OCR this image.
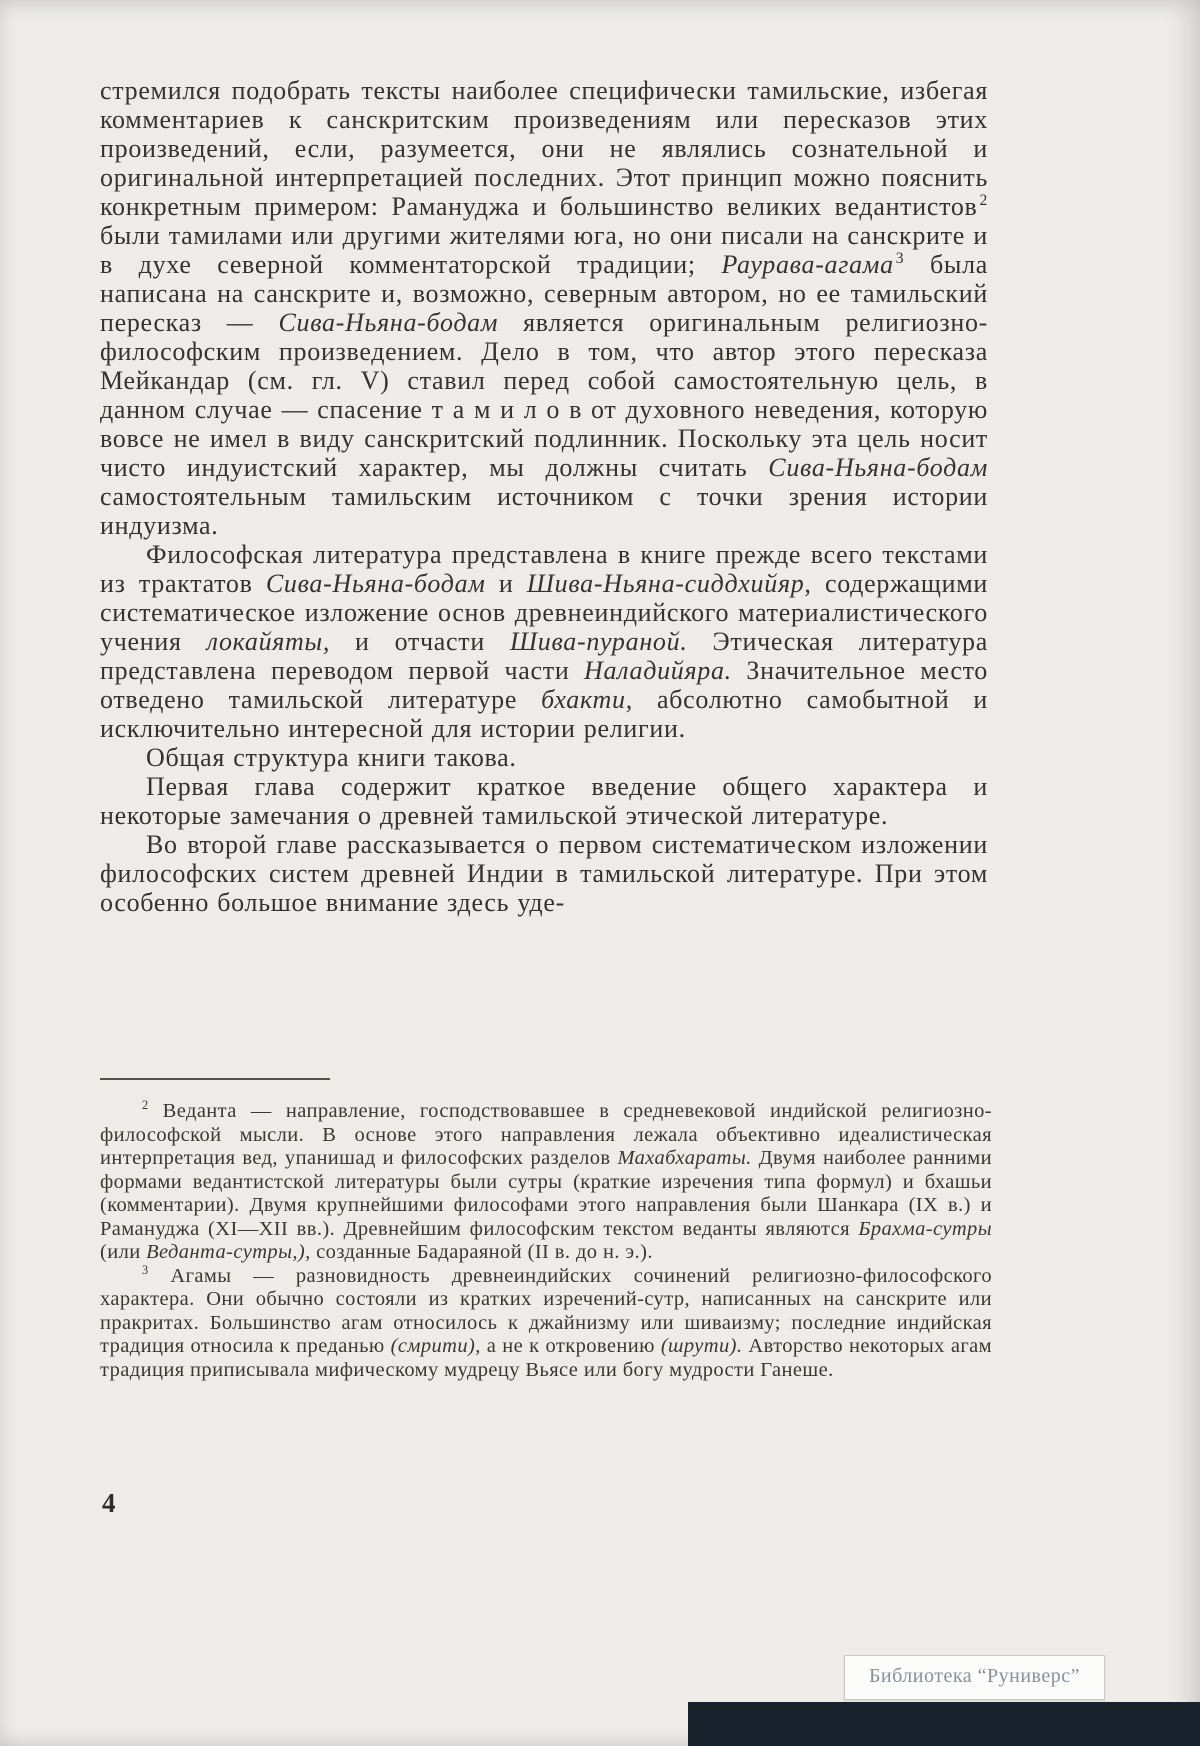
стремился подобрать тексты наиболее специфически тамильские, избегая комментариев к санскритским произведениям или пересказов этих произведений, если, разумеется, они не являлись сознательной и оригинальной интерпретацией последних. Этот принцип можно пояснить конкретным примером: Рамануджа и большинство великих ведантистов $^2$ были тамилами или другими жителями юга, но они писали на санскрите и в духе северной комментаторской традиции; Раурава-агама $^3$ была написана на санскрите и, возможно, северным автором, но ее тамильский пересказ — Сива-Ньяна-бодам является оригинальным религиозно-философским произведением. Дело в том, что автор этого пересказа Мейкандар (см. гл. V) ставил перед собой самостоятельную цель, в данном случае — спасение т а м и л о в от духовного неведения, которую вовсе не имел в виду санскритский подлинник. Поскольку эта цель носит чисто индуистский характер, мы должны считать Сива-Ньяна-бодам самостоятельным тамильским источником с точки зрения истории индуизма.

Философская литература представлена в книге прежде всего текстами из трактатов Сива-Ньяна-бодам и Шива-Ньяна-сиддхийяр, содержащими систематическое изложение основ древнеиндийского материалистического учения локайяты, и отчасти Шива-пураной. Этическая литература представлена переводом первой части Наладийяра. Значительное место отведено тамильской литературе бхакти, абсолютно самобытной и исключительно интересной для истории религии.

Общая структура книги такова.

Первая глава содержит краткое введение общего характера и некоторые замечания о древней тамильской этической литературе.

Во второй главе рассказывается о первом систематическом изложении философских систем древней Индии в тамильской литературе. При этом особенно большое внимание здесь уде-

$^2$ Веданта — направление, господствовавшее в средневековой индийской религиозно-философской мысли. В основе этого направления лежала объективно идеалистическая интерпретация вед, упанишад и философских разделов Махабхараты. Двумя наиболее ранними формами ведантистской литературы были сутры (краткие изречения типа формул) и бхашьи (комментарии). Двумя крупнейшими философами этого направления были Шанкара (IX в.) и Рамануджа (XI—XII вв.). Древнейшим философским текстом веданты являются Брахма-сутры (или Веданта-сутры,), созданные Бадараяной (II в. до н. э.).

$^3$ Агамы — разновидность древнеиндийских сочинений религиозно-философского характера. Они обычно состояли из кратких изречений-сутр, написанных на санскрите или пракритах. Большинство агам относилось к джайнизму или шиваизму; последние индийская традиция относила к преданью (смрити), а не к откровению (шрути). Авторство некоторых агам традиция приписывала мифическому мудрецу Вьясе или богу мудрости Ганеше.

4
Библиотека “Руниверс”
